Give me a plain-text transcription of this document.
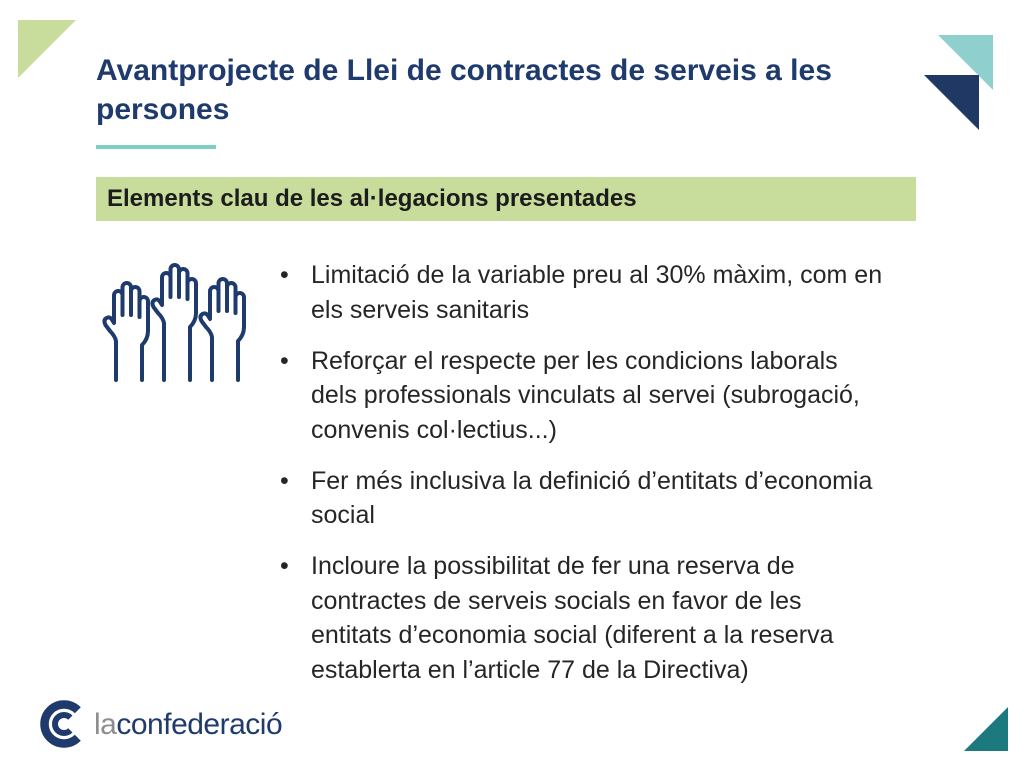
Avantprojecte de Llei de contractes de serveis a les persones
Elements clau de les al·legacions presentades
• Limitació de la variable preu al 30% màxim, com en
els serveis sanitaris
• Reforçar el respecte per les condicions laborals
dels professionals vinculats al servei (subrogació,
convenis col·lectius...)
• Fer més inclusiva la definició d’entitats d’economia
social
• Incloure la possibilitat de fer una reserva de
contractes de serveis socials en favor de les
entitats d’economia social (diferent a la reserva
establerta en l’article 77 de la Directiva)
laconfederació
